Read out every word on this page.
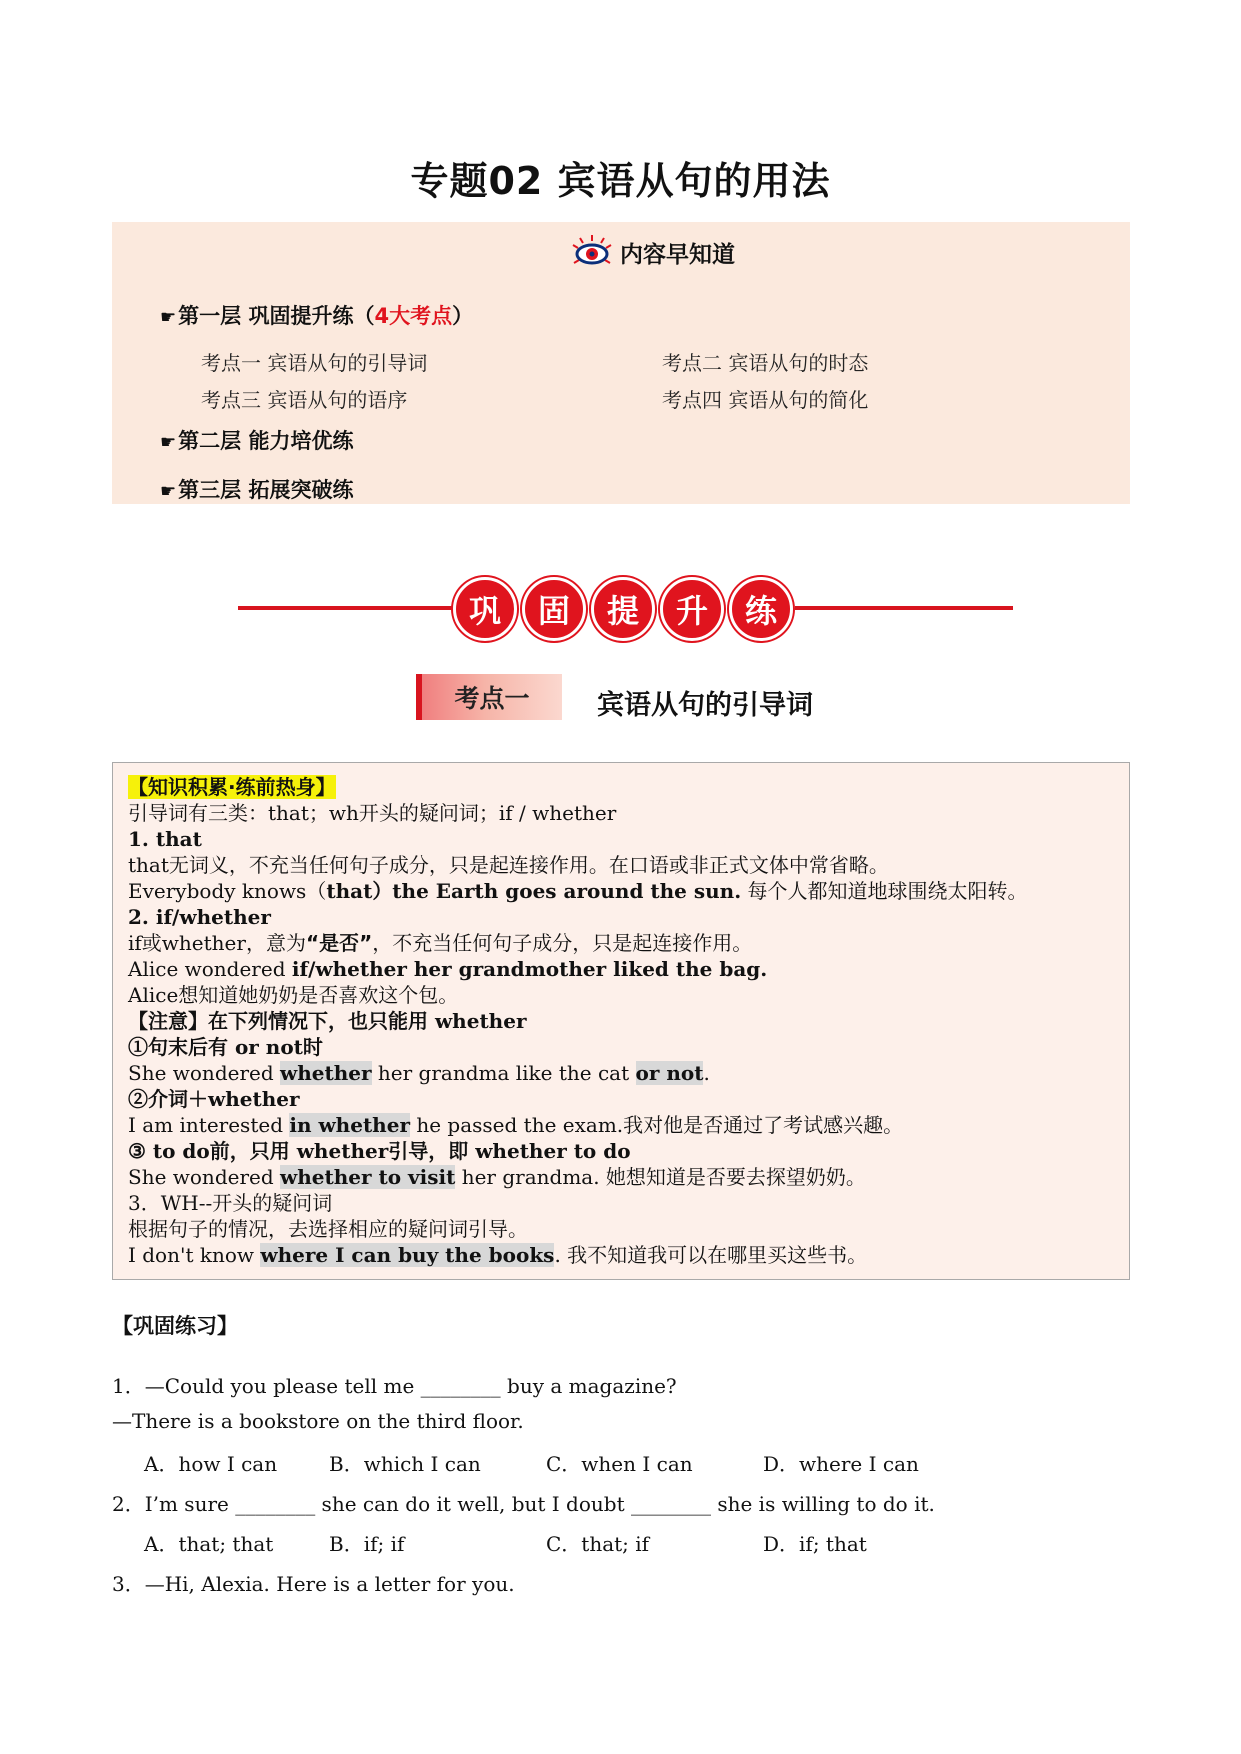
专题02 宾语从句的用法
内容早知道
☛第一层 巩固提升练（4大考点）
考点一 宾语从句的引导词	考点二 宾语从句的时态
考点三 宾语从句的语序	考点四 宾语从句的简化
☛第二层 能力培优练
☛第三层 拓展突破练
巩	固	提	升	练
考点一	宾语从句的引导词
【知识积累·练前热身】
引导词有三类：that；wh开头的疑问词；if / whether
1. that
that无词义，不充当任何句子成分，只是起连接作用。在口语或非正式文体中常省略。
Everybody knows（that）the Earth goes around the sun. 每个人都知道地球围绕太阳转。
2. if/whether
if或whether，意为“是否”，不充当任何句子成分，只是起连接作用。
Alice wondered if/whether her grandmother liked the bag.
Alice想知道她奶奶是否喜欢这个包。
【注意】在下列情况下，也只能用 whether
①句末后有 or not时
She wondered whether her grandma like the cat or not.
②介词＋whether
I am interested in whether he passed the exam.我对他是否通过了考试感兴趣。
③ to do前，只用 whether引导，即 whether to do
She wondered whether to visit her grandma. 她想知道是否要去探望奶奶。
3．WH--开头的疑问词
根据句子的情况，去选择相应的疑问词引导。
I don't know where I can buy the books. 我不知道我可以在哪里买这些书。
【巩固练习】
1．—Could you please tell me ________ buy a magazine?
—There is a bookstore on the third floor.
A．how I can	B．which I can	C．when I can	D．where I can
2．I’m sure ________ she can do it well, but I doubt ________ she is willing to do it.
A．that; that	B．if; if	C．that; if	D．if; that
3．—Hi, Alexia. Here is a letter for you.
